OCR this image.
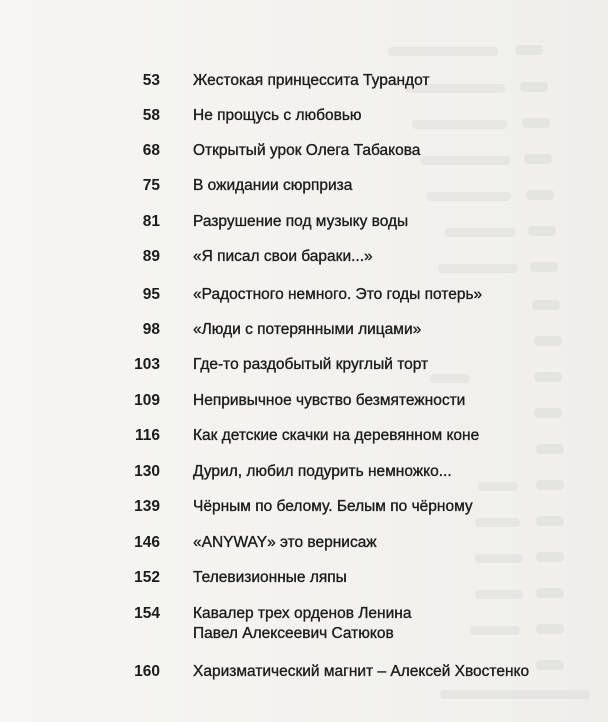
53 Жестокая принцессита Турандот
58 Не прощусь с любовью
68 Открытый урок Олега Табакова
75 В ожидании сюрприза
81 Разрушение под музыку воды
89 «Я писал свои бараки...»
95 «Радостного немного. Это годы потерь»
98 «Люди с потерянными лицами»
103 Где-то раздобытый круглый торт
109 Непривычное чувство безмятежности
116 Как детские скачки на деревянном коне
130 Дурил, любил подурить немножко...
139 Чёрным по белому. Белым по чёрному
146 «ANYWAY» это вернисаж
152 Телевизионные ляпы
154 Кавалер трех орденов Ленина
Павел Алексеевич Сатюков
160 Харизматический магнит – Алексей Хвостенко
